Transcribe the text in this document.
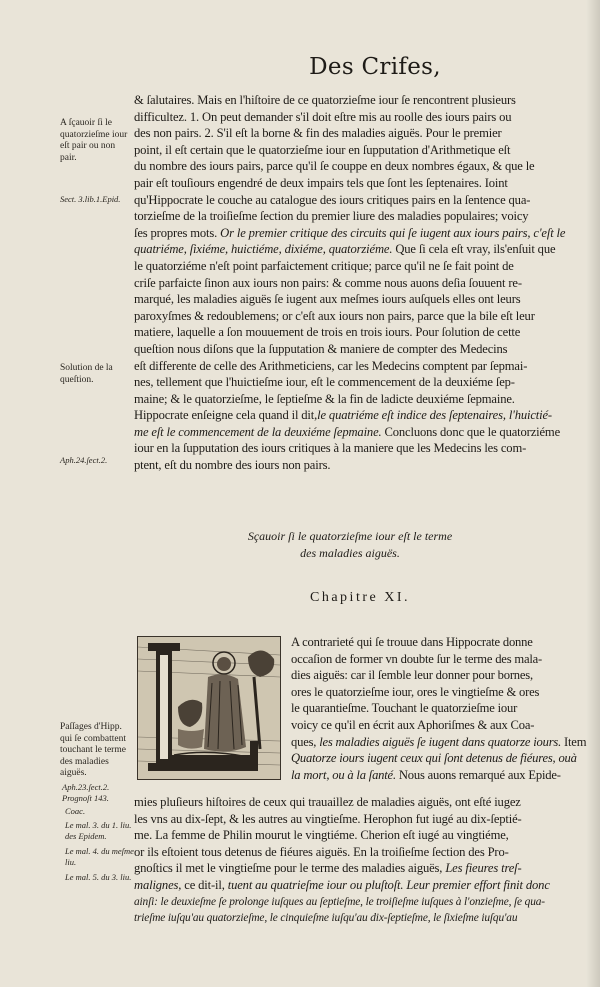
Des Crifes,
A ſçauoir ſi le quatorzieſme iour eſt pair ou non pair.
Sect. 3.lib.1.Epid.
Solution de la queſtion.
Aph.24.ſect.2.
Paſſages d'Hipp. qui ſe combattent touchant le terme des maladies aiguës.
Aph.23.ſect.2.
Prognoſt 143.
Coac.
Le mal. 3. du 1. liu. des Epidem.
Le mal. 4. du meſme liu.
Le mal. 5. du 3. liu.
& ſalutaires. Mais en l'hiſtoire de ce quatorzieſme iour ſe rencontrent plusieurs
difficultez. 1. On peut demander s'il doit eſtre mis au roolle des iours pairs ou
des non pairs. 2. S'il eſt la borne & fin des maladies aiguës. Pour le premier
point, il eſt certain que le quatorzieſme iour en ſupputation d'Arithmetique eſt
du nombre des iours pairs, parce qu'il ſe couppe en deux nombres égaux, & que le
pair eſt touſiours engendré de deux impairs tels que ſont les ſeptenaires. Ioint
qu'Hippocrate le couche au catalogue des iours critiques pairs en la ſentence qua-
torzieſme de la troiſieſme ſection du premier liure des maladies populaires; voicy
ſes propres mots. Or le premier critique des circuits qui ſe iugent aux iours pairs, c'eſt le
quatriéme, ſixiéme, huictiéme, dixiéme, quatorziéme. Que ſi cela eſt vray, ils'enſuit que
le quatorziéme n'eſt point parfaictement critique; parce qu'il ne ſe fait point de
criſe parfaicte ſinon aux iours non pairs: & comme nous auons deſia ſouuent re-
marqué, les maladies aiguës ſe iugent aux meſmes iours auſquels elles ont leurs
paroxyſmes & redoublemens; or c'eſt aux iours non pairs, parce que la bile eſt leur
matiere, laquelle a ſon mouuement de trois en trois iours. Pour ſolution de cette
queſtion nous diſons que la ſupputation & maniere de compter des Medecins
eſt differente de celle des Arithmeticiens, car les Medecins comptent par ſepmai-
nes, tellement que l'huictieſme iour, eſt le commencement de la deuxiéme ſep-
maine; & le quatorzieſme, le ſeptieſme & la fin de ladicte deuxiéme ſepmaine.
Hippocrate enſeigne cela quand il dit,le quatriéme eſt indice des ſeptenaires, l'huictié-
me eſt le commencement de la deuxiéme ſepmaine. Concluons donc que le quatorziéme
iour en la ſupputation des iours critiques à la maniere que les Medecins les com-
ptent, eſt du nombre des iours non pairs.
Sçauoir ſi le quatorzieſme iour eſt le terme
des maladies aiguës.
Chapitre XI.
A contrarieté qui ſe trouue dans Hippocrate donne
occaſion de former vn doubte ſur le terme des mala-
dies aiguës: car il ſemble leur donner pour bornes,
ores le quatorzieſme iour, ores le vingtieſme & ores
le quarantieſme. Touchant le quatorzieſme iour
voicy ce qu'il en écrit aux Aphoriſmes & aux Coa-
ques, les maladies aiguës ſe iugent dans quatorze iours. Item
Quatorze iours iugent ceux qui ſont detenus de fiéures, ouà
la mort, ou à la ſanté. Nous auons remarqué aux Epide-
mies pluſieurs hiſtoires de ceux qui trauaillez de maladies aiguës, ont eſté iugez
les vns au dix-ſept, & les autres au vingtieſme. Herophon fut iugé au dix-ſeptié-
me. La femme de Philin mourut le vingtiéme. Cherion eſt iugé au vingtiéme,
or ils eſtoient tous detenus de fiéures aiguës. En la troiſieſme ſection des Pro-
gnoſtics il met le vingtieſme pour le terme des maladies aiguës, Les fieures treſ-
malignes, ce dit-il, tuent au quatrieſme iour ou pluſtoſt. Leur premier effort finit donc
ainſi: le deuxieſme ſe prolonge iuſques au ſeptieſme, le troiſieſme iuſques à l'onzieſme, ſe qua-
trieſme iuſqu'au quatorzieſme, le cinquieſme iuſqu'au dix-ſeptieſme, le ſixieſme iuſqu'au
